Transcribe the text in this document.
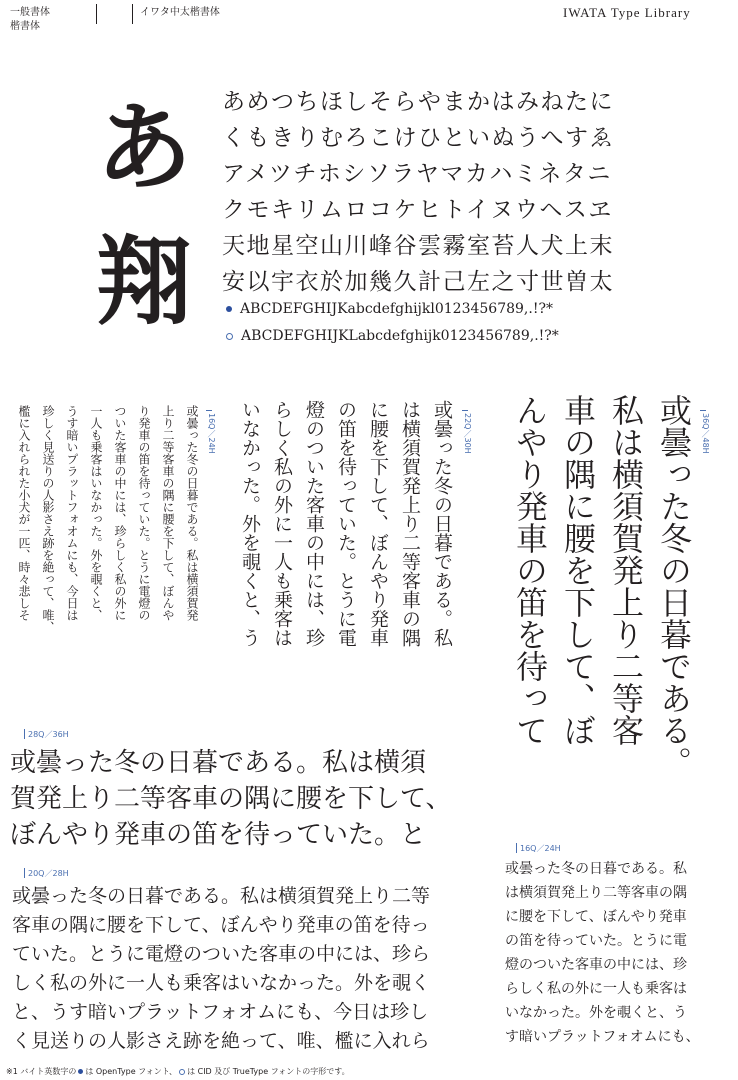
一般書体
楷書体
イワタ中太楷書体	IWATA Type Library
あ
翔
あめつちほしそらやまかはみねたに
くもきりむろこけひといぬうへすゑ
アメツチホシソラヤマカハミネタニ
クモキリムロコケヒトイヌウヘスヱ
天地星空山川峰谷雲霧室苔人犬上末
安以宇衣於加幾久計己左之寸世曽太
ABCDEFGHIJKabcdefghijkl0123456789,.!?*
ABCDEFGHIJKLabcdefghijk0123456789,.!?*
16Q／24H
或曇った冬の日暮である。私は横須賀発
上り二等客車の隅に腰を下して、ぼんや
り発車の笛を待っていた。とうに電燈の
ついた客車の中には、珍らしく私の外に
一人も乗客はいなかった。外を覗くと、
うす暗いプラットフォオムにも、今日は
珍しく見送りの人影さえ跡を絶って、唯、
檻に入れられた小犬が一匹、時々悲しそ	22Q／30H
或曇った冬の日暮である。私
は横須賀発上り二等客車の隅
に腰を下して、ぼんやり発車
の笛を待っていた。とうに電
燈のついた客車の中には、珍
らしく私の外に一人も乗客は
いなかった。外を覗くと、う	36Q／48H
或曇った冬の日暮である。
私は横須賀発上り二等客
車の隅に腰を下して、ぼ
んやり発車の笛を待って
28Q／36H
或曇った冬の日暮である。私は横須
賀発上り二等客車の隅に腰を下して、
ぼんやり発車の笛を待っていた。と
20Q／28H
或曇った冬の日暮である。私は横須賀発上り二等
客車の隅に腰を下して、ぼんやり発車の笛を待っ
ていた。とうに電燈のついた客車の中には、珍ら
しく私の外に一人も乗客はいなかった。外を覗く
と、うす暗いプラットフォオムにも、今日は珍し
く見送りの人影さえ跡を絶って、唯、檻に入れら
16Q／24H
或曇った冬の日暮である。私
は横須賀発上り二等客車の隅
に腰を下して、ぼんやり発車
の笛を待っていた。とうに電
燈のついた客車の中には、珍
らしく私の外に一人も乗客は
いなかった。外を覗くと、う
す暗いプラットフォオムにも、
※1 バイト英数字の は OpenType フォント、 は CID 及び TrueType フォントの字形です。
